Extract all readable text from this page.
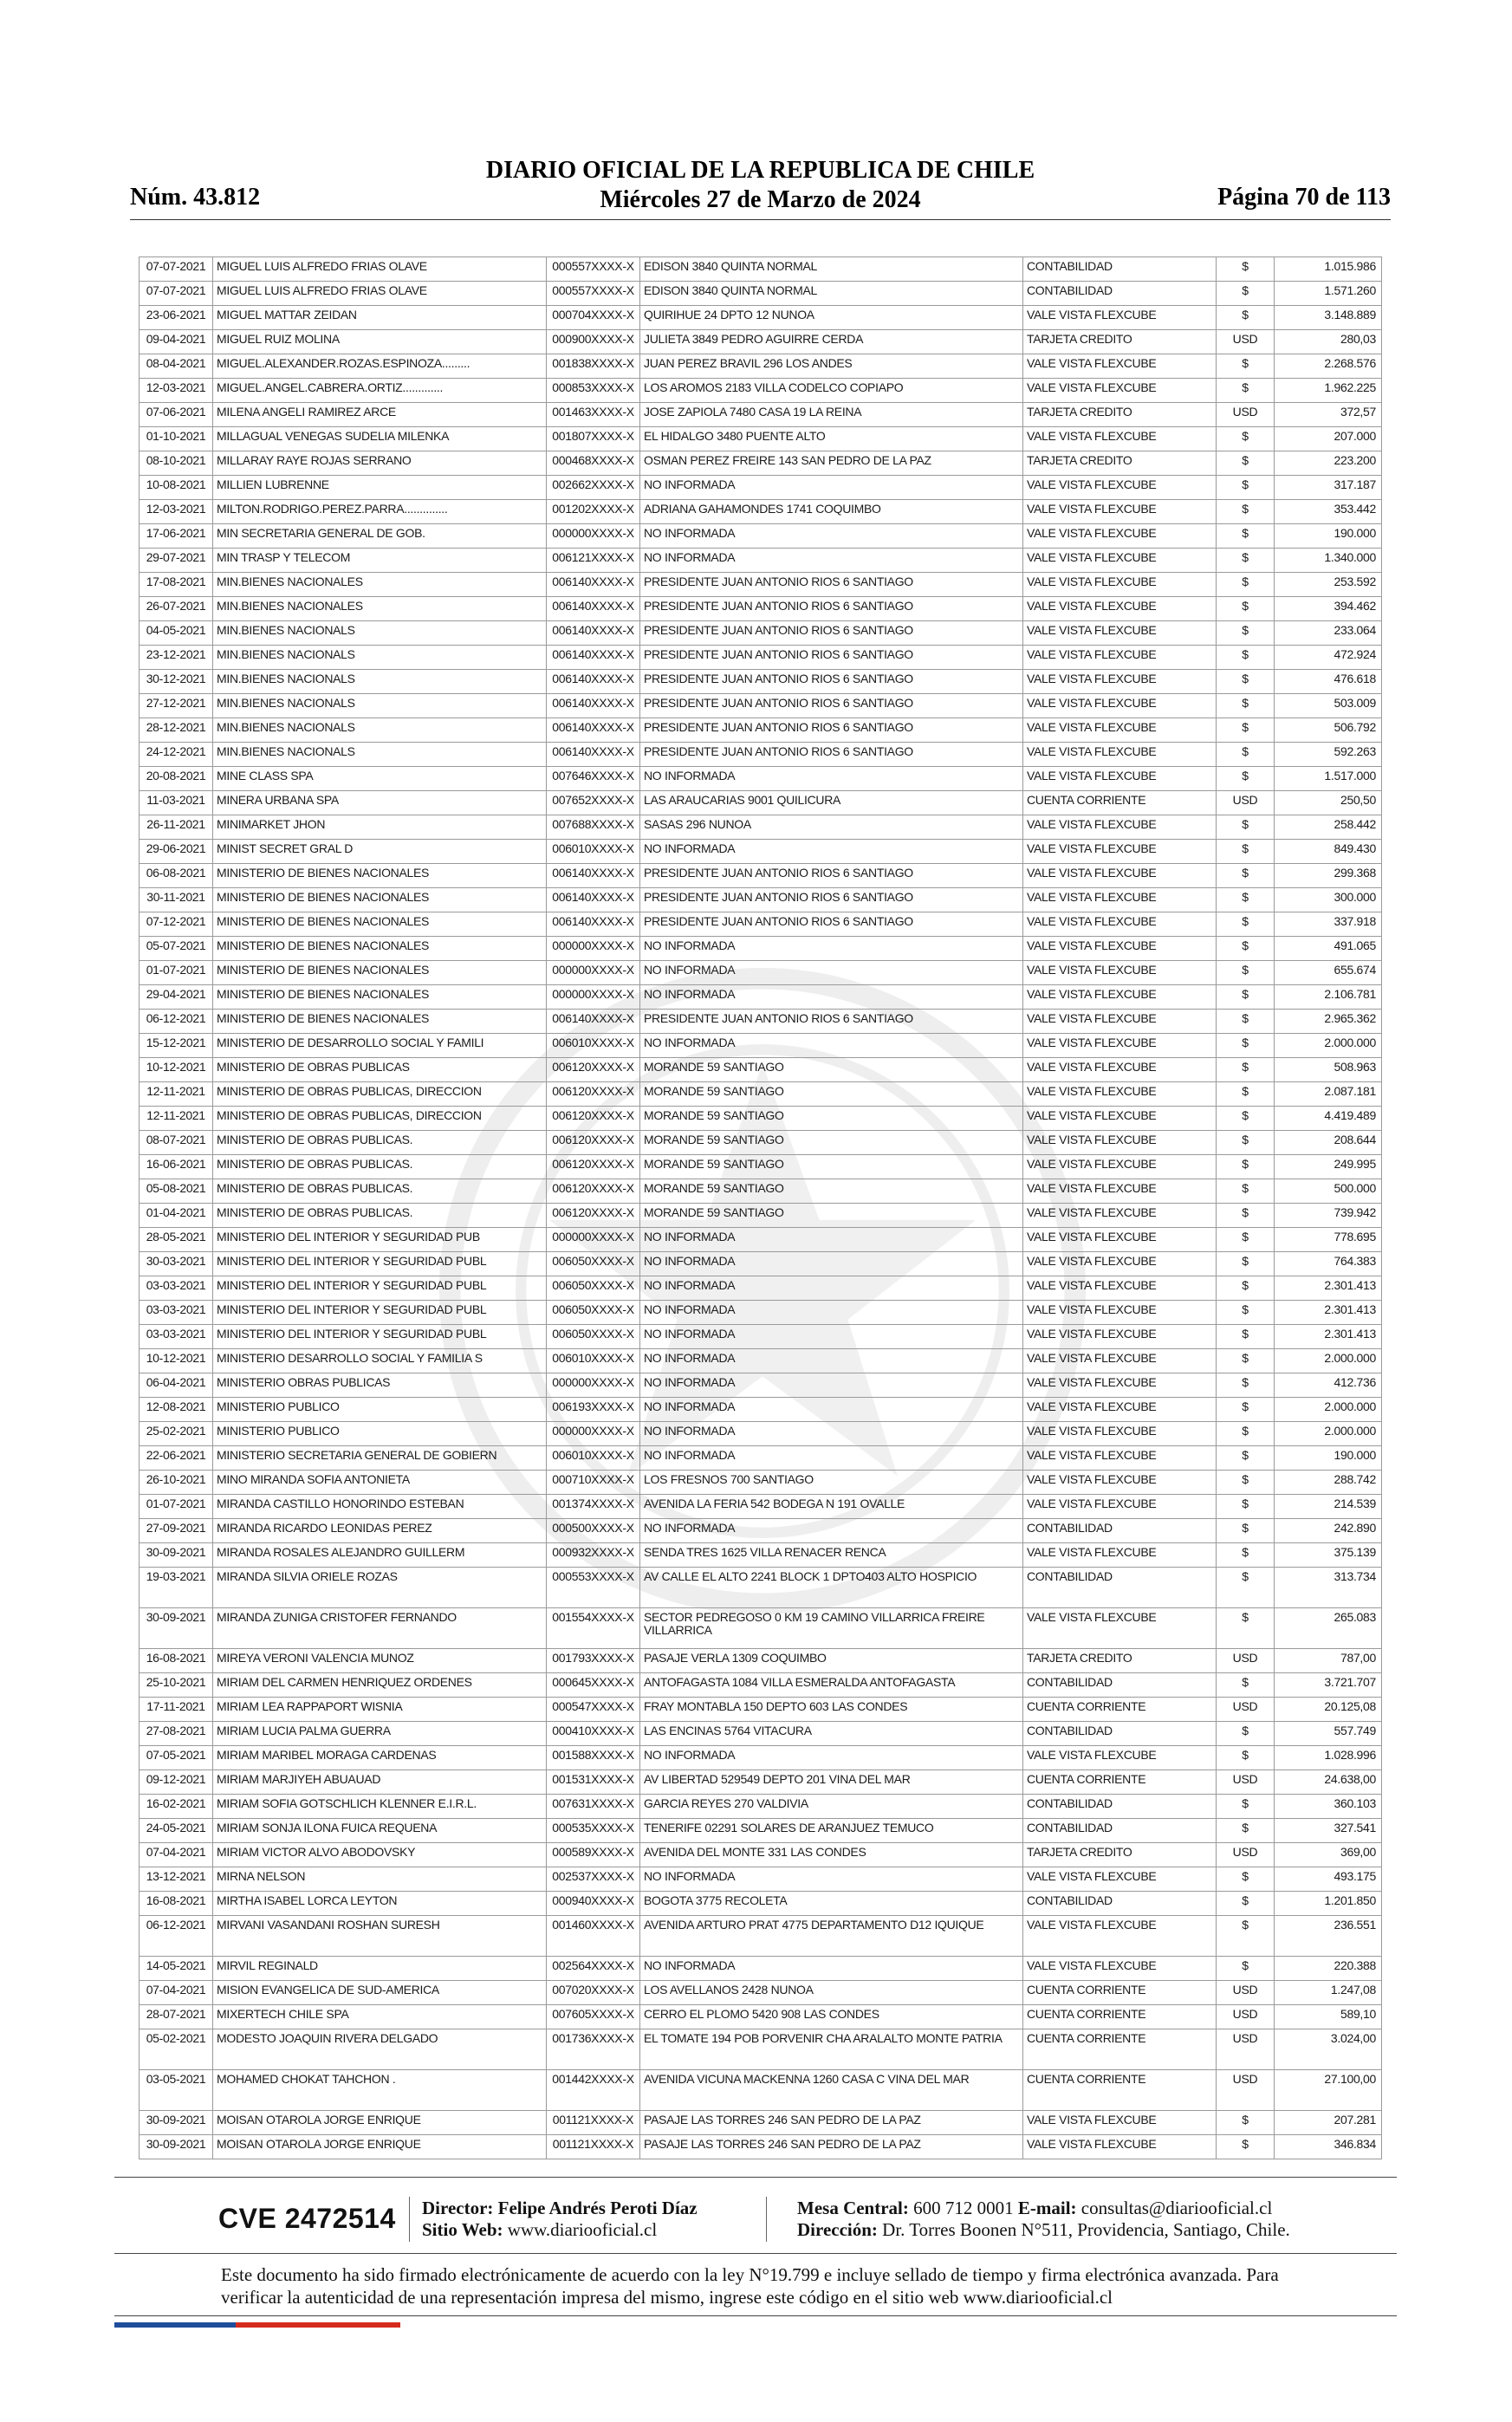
Núm. 43.812
DIARIO OFICIAL DE LA REPUBLICA DE CHILE
Miércoles 27 de Marzo de 2024	Página 70 de 113
07-07-2021	MIGUEL LUIS ALFREDO FRIAS OLAVE	000557XXXX-X	EDISON 3840 QUINTA NORMAL	CONTABILIDAD	$	1.015.986
07-07-2021	MIGUEL LUIS ALFREDO FRIAS OLAVE	000557XXXX-X	EDISON 3840 QUINTA NORMAL	CONTABILIDAD	$	1.571.260
23-06-2021	MIGUEL MATTAR ZEIDAN	000704XXXX-X	QUIRIHUE 24 DPTO 12 NUNOA	VALE VISTA FLEXCUBE	$	3.148.889
09-04-2021	MIGUEL RUIZ MOLINA	000900XXXX-X	JULIETA 3849 PEDRO AGUIRRE CERDA	TARJETA CREDITO	USD	280,03
08-04-2021	MIGUEL.ALEXANDER.ROZAS.ESPINOZA.........	001838XXXX-X	JUAN PEREZ BRAVIL 296 LOS ANDES	VALE VISTA FLEXCUBE	$	2.268.576
12-03-2021	MIGUEL.ANGEL.CABRERA.ORTIZ.............	000853XXXX-X	LOS AROMOS 2183 VILLA CODELCO COPIAPO	VALE VISTA FLEXCUBE	$	1.962.225
07-06-2021	MILENA ANGELI RAMIREZ ARCE	001463XXXX-X	JOSE ZAPIOLA 7480 CASA 19 LA REINA	TARJETA CREDITO	USD	372,57
01-10-2021	MILLAGUAL VENEGAS SUDELIA MILENKA	001807XXXX-X	EL HIDALGO 3480 PUENTE ALTO	VALE VISTA FLEXCUBE	$	207.000
08-10-2021	MILLARAY RAYE ROJAS SERRANO	000468XXXX-X	OSMAN PEREZ FREIRE 143 SAN PEDRO DE LA PAZ	TARJETA CREDITO	$	223.200
10-08-2021	MILLIEN LUBRENNE	002662XXXX-X	NO INFORMADA	VALE VISTA FLEXCUBE	$	317.187
12-03-2021	MILTON.RODRIGO.PEREZ.PARRA..............	001202XXXX-X	ADRIANA GAHAMONDES 1741 COQUIMBO	VALE VISTA FLEXCUBE	$	353.442
17-06-2021	MIN SECRETARIA GENERAL DE GOB.	000000XXXX-X	NO INFORMADA	VALE VISTA FLEXCUBE	$	190.000
29-07-2021	MIN TRASP Y TELECOM	006121XXXX-X	NO INFORMADA	VALE VISTA FLEXCUBE	$	1.340.000
17-08-2021	MIN.BIENES NACIONALES	006140XXXX-X	PRESIDENTE JUAN ANTONIO RIOS 6 SANTIAGO	VALE VISTA FLEXCUBE	$	253.592
26-07-2021	MIN.BIENES NACIONALES	006140XXXX-X	PRESIDENTE JUAN ANTONIO RIOS 6 SANTIAGO	VALE VISTA FLEXCUBE	$	394.462
04-05-2021	MIN.BIENES NACIONALS	006140XXXX-X	PRESIDENTE JUAN ANTONIO RIOS 6 SANTIAGO	VALE VISTA FLEXCUBE	$	233.064
23-12-2021	MIN.BIENES NACIONALS	006140XXXX-X	PRESIDENTE JUAN ANTONIO RIOS 6 SANTIAGO	VALE VISTA FLEXCUBE	$	472.924
30-12-2021	MIN.BIENES NACIONALS	006140XXXX-X	PRESIDENTE JUAN ANTONIO RIOS 6 SANTIAGO	VALE VISTA FLEXCUBE	$	476.618
27-12-2021	MIN.BIENES NACIONALS	006140XXXX-X	PRESIDENTE JUAN ANTONIO RIOS 6 SANTIAGO	VALE VISTA FLEXCUBE	$	503.009
28-12-2021	MIN.BIENES NACIONALS	006140XXXX-X	PRESIDENTE JUAN ANTONIO RIOS 6 SANTIAGO	VALE VISTA FLEXCUBE	$	506.792
24-12-2021	MIN.BIENES NACIONALS	006140XXXX-X	PRESIDENTE JUAN ANTONIO RIOS 6 SANTIAGO	VALE VISTA FLEXCUBE	$	592.263
20-08-2021	MINE CLASS SPA	007646XXXX-X	NO INFORMADA	VALE VISTA FLEXCUBE	$	1.517.000
11-03-2021	MINERA URBANA SPA	007652XXXX-X	LAS ARAUCARIAS 9001 QUILICURA	CUENTA CORRIENTE	USD	250,50
26-11-2021	MINIMARKET JHON	007688XXXX-X	SASAS 296 NUNOA	VALE VISTA FLEXCUBE	$	258.442
29-06-2021	MINIST SECRET GRAL D	006010XXXX-X	NO INFORMADA	VALE VISTA FLEXCUBE	$	849.430
06-08-2021	MINISTERIO DE BIENES NACIONALES	006140XXXX-X	PRESIDENTE JUAN ANTONIO RIOS 6 SANTIAGO	VALE VISTA FLEXCUBE	$	299.368
30-11-2021	MINISTERIO DE BIENES NACIONALES	006140XXXX-X	PRESIDENTE JUAN ANTONIO RIOS 6 SANTIAGO	VALE VISTA FLEXCUBE	$	300.000
07-12-2021	MINISTERIO DE BIENES NACIONALES	006140XXXX-X	PRESIDENTE JUAN ANTONIO RIOS 6 SANTIAGO	VALE VISTA FLEXCUBE	$	337.918
05-07-2021	MINISTERIO DE BIENES NACIONALES	000000XXXX-X	NO INFORMADA	VALE VISTA FLEXCUBE	$	491.065
01-07-2021	MINISTERIO DE BIENES NACIONALES	000000XXXX-X	NO INFORMADA	VALE VISTA FLEXCUBE	$	655.674
29-04-2021	MINISTERIO DE BIENES NACIONALES	000000XXXX-X	NO INFORMADA	VALE VISTA FLEXCUBE	$	2.106.781
06-12-2021	MINISTERIO DE BIENES NACIONALES	006140XXXX-X	PRESIDENTE JUAN ANTONIO RIOS 6 SANTIAGO	VALE VISTA FLEXCUBE	$	2.965.362
15-12-2021	MINISTERIO DE DESARROLLO SOCIAL Y FAMILI	006010XXXX-X	NO INFORMADA	VALE VISTA FLEXCUBE	$	2.000.000
10-12-2021	MINISTERIO DE OBRAS PUBLICAS	006120XXXX-X	MORANDE 59 SANTIAGO	VALE VISTA FLEXCUBE	$	508.963
12-11-2021	MINISTERIO DE OBRAS PUBLICAS, DIRECCION	006120XXXX-X	MORANDE 59 SANTIAGO	VALE VISTA FLEXCUBE	$	2.087.181
12-11-2021	MINISTERIO DE OBRAS PUBLICAS, DIRECCION	006120XXXX-X	MORANDE 59 SANTIAGO	VALE VISTA FLEXCUBE	$	4.419.489
08-07-2021	MINISTERIO DE OBRAS PUBLICAS.	006120XXXX-X	MORANDE 59 SANTIAGO	VALE VISTA FLEXCUBE	$	208.644
16-06-2021	MINISTERIO DE OBRAS PUBLICAS.	006120XXXX-X	MORANDE 59 SANTIAGO	VALE VISTA FLEXCUBE	$	249.995
05-08-2021	MINISTERIO DE OBRAS PUBLICAS.	006120XXXX-X	MORANDE 59 SANTIAGO	VALE VISTA FLEXCUBE	$	500.000
01-04-2021	MINISTERIO DE OBRAS PUBLICAS.	006120XXXX-X	MORANDE 59 SANTIAGO	VALE VISTA FLEXCUBE	$	739.942
28-05-2021	MINISTERIO DEL INTERIOR Y SEGURIDAD PUB	000000XXXX-X	NO INFORMADA	VALE VISTA FLEXCUBE	$	778.695
30-03-2021	MINISTERIO DEL INTERIOR Y SEGURIDAD PUBL	006050XXXX-X	NO INFORMADA	VALE VISTA FLEXCUBE	$	764.383
03-03-2021	MINISTERIO DEL INTERIOR Y SEGURIDAD PUBL	006050XXXX-X	NO INFORMADA	VALE VISTA FLEXCUBE	$	2.301.413
03-03-2021	MINISTERIO DEL INTERIOR Y SEGURIDAD PUBL	006050XXXX-X	NO INFORMADA	VALE VISTA FLEXCUBE	$	2.301.413
03-03-2021	MINISTERIO DEL INTERIOR Y SEGURIDAD PUBL	006050XXXX-X	NO INFORMADA	VALE VISTA FLEXCUBE	$	2.301.413
10-12-2021	MINISTERIO DESARROLLO SOCIAL Y FAMILIA S	006010XXXX-X	NO INFORMADA	VALE VISTA FLEXCUBE	$	2.000.000
06-04-2021	MINISTERIO OBRAS PUBLICAS	000000XXXX-X	NO INFORMADA	VALE VISTA FLEXCUBE	$	412.736
12-08-2021	MINISTERIO PUBLICO	006193XXXX-X	NO INFORMADA	VALE VISTA FLEXCUBE	$	2.000.000
25-02-2021	MINISTERIO PUBLICO	000000XXXX-X	NO INFORMADA	VALE VISTA FLEXCUBE	$	2.000.000
22-06-2021	MINISTERIO SECRETARIA GENERAL DE GOBIERN	006010XXXX-X	NO INFORMADA	VALE VISTA FLEXCUBE	$	190.000
26-10-2021	MINO MIRANDA SOFIA ANTONIETA	000710XXXX-X	LOS FRESNOS 700 SANTIAGO	VALE VISTA FLEXCUBE	$	288.742
01-07-2021	MIRANDA CASTILLO HONORINDO ESTEBAN	001374XXXX-X	AVENIDA LA FERIA 542 BODEGA N 191 OVALLE	VALE VISTA FLEXCUBE	$	214.539
27-09-2021	MIRANDA RICARDO LEONIDAS PEREZ	000500XXXX-X	NO INFORMADA	CONTABILIDAD	$	242.890
30-09-2021	MIRANDA ROSALES ALEJANDRO GUILLERM	000932XXXX-X	SENDA TRES 1625 VILLA RENACER RENCA	VALE VISTA FLEXCUBE	$	375.139
19-03-2021	MIRANDA SILVIA ORIELE ROZAS	000553XXXX-X	AV CALLE EL ALTO 2241 BLOCK 1 DPTO403 ALTO HOSPICIO	CONTABILIDAD	$	313.734
30-09-2021	MIRANDA ZUNIGA CRISTOFER FERNANDO	001554XXXX-X	SECTOR PEDREGOSO 0 KM 19 CAMINO VILLARRICA FREIRE VILLARRICA	VALE VISTA FLEXCUBE	$	265.083
16-08-2021	MIREYA VERONI VALENCIA MUNOZ	001793XXXX-X	PASAJE VERLA 1309 COQUIMBO	TARJETA CREDITO	USD	787,00
25-10-2021	MIRIAM DEL CARMEN HENRIQUEZ ORDENES	000645XXXX-X	ANTOFAGASTA 1084 VILLA ESMERALDA ANTOFAGASTA	CONTABILIDAD	$	3.721.707
17-11-2021	MIRIAM LEA RAPPAPORT WISNIA	000547XXXX-X	FRAY MONTABLA 150 DEPTO 603 LAS CONDES	CUENTA CORRIENTE	USD	20.125,08
27-08-2021	MIRIAM LUCIA PALMA GUERRA	000410XXXX-X	LAS ENCINAS 5764 VITACURA	CONTABILIDAD	$	557.749
07-05-2021	MIRIAM MARIBEL MORAGA CARDENAS	001588XXXX-X	NO INFORMADA	VALE VISTA FLEXCUBE	$	1.028.996
09-12-2021	MIRIAM MARJIYEH ABUAUAD	001531XXXX-X	AV LIBERTAD 529549 DEPTO 201 VINA DEL MAR	CUENTA CORRIENTE	USD	24.638,00
16-02-2021	MIRIAM SOFIA GOTSCHLICH KLENNER E.I.R.L.	007631XXXX-X	GARCIA REYES 270 VALDIVIA	CONTABILIDAD	$	360.103
24-05-2021	MIRIAM SONJA ILONA FUICA REQUENA	000535XXXX-X	TENERIFE 02291 SOLARES DE ARANJUEZ TEMUCO	CONTABILIDAD	$	327.541
07-04-2021	MIRIAM VICTOR ALVO ABODOVSKY	000589XXXX-X	AVENIDA DEL MONTE 331 LAS CONDES	TARJETA CREDITO	USD	369,00
13-12-2021	MIRNA NELSON	002537XXXX-X	NO INFORMADA	VALE VISTA FLEXCUBE	$	493.175
16-08-2021	MIRTHA ISABEL LORCA LEYTON	000940XXXX-X	BOGOTA 3775 RECOLETA	CONTABILIDAD	$	1.201.850
06-12-2021	MIRVANI VASANDANI ROSHAN SURESH	001460XXXX-X	AVENIDA ARTURO PRAT 4775 DEPARTAMENTO D12 IQUIQUE	VALE VISTA FLEXCUBE	$	236.551
14-05-2021	MIRVIL REGINALD	002564XXXX-X	NO INFORMADA	VALE VISTA FLEXCUBE	$	220.388
07-04-2021	MISION EVANGELICA DE SUD-AMERICA	007020XXXX-X	LOS AVELLANOS 2428 NUNOA	CUENTA CORRIENTE	USD	1.247,08
28-07-2021	MIXERTECH CHILE SPA	007605XXXX-X	CERRO EL PLOMO 5420 908 LAS CONDES	CUENTA CORRIENTE	USD	589,10
05-02-2021	MODESTO JOAQUIN RIVERA DELGADO	001736XXXX-X	EL TOMATE 194 POB PORVENIR CHA ARALALTO MONTE PATRIA	CUENTA CORRIENTE	USD	3.024,00
03-05-2021	MOHAMED CHOKAT TAHCHON .	001442XXXX-X	AVENIDA VICUNA MACKENNA 1260 CASA C VINA DEL MAR	CUENTA CORRIENTE	USD	27.100,00
30-09-2021	MOISAN OTAROLA JORGE ENRIQUE	001121XXXX-X	PASAJE LAS TORRES 246 SAN PEDRO DE LA PAZ	VALE VISTA FLEXCUBE	$	207.281
30-09-2021	MOISAN OTAROLA JORGE ENRIQUE	001121XXXX-X	PASAJE LAS TORRES 246 SAN PEDRO DE LA PAZ	VALE VISTA FLEXCUBE	$	346.834
CVE 2472514 Director: Felipe Andrés Peroti Díaz
Sitio Web: www.diariooficial.cl
Mesa Central: 600 712 0001 E-mail: consultas@diariooficial.cl
Dirección: Dr. Torres Boonen N°511, Providencia, Santiago, Chile.
Este documento ha sido firmado electrónicamente de acuerdo con la ley N°19.799 e incluye sellado de tiempo y firma electrónica avanzada. Para verificar la autenticidad de una representación impresa del mismo, ingrese este código en el sitio web www.diariooficial.cl
